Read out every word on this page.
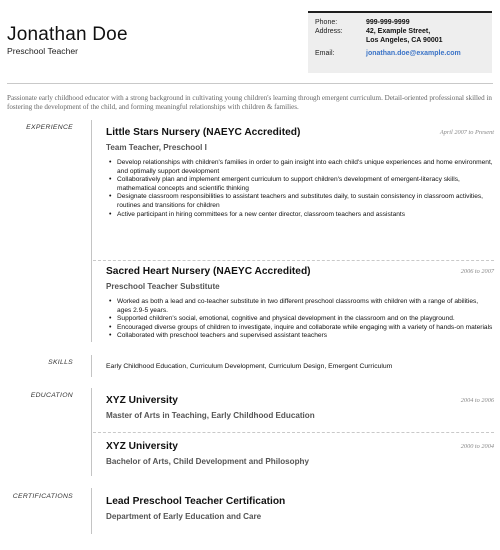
Jonathan Doe
Preschool Teacher
Phone:	999-999-9999
Address:	42, Example Street,
Los Angeles, CA 90001
Email:	jonathan.doe@example.com
Passionate early childhood educator with a strong background in cultivating young children's learning through emergent curriculum. Detail-oriented professional skilled in fostering the development of the child, and forming meaningful relationships with children & families.
EXPERIENCE	Little Stars Nursery (NAEYC Accredited)	April 2007 to Present
Team Teacher, Preschool I
• Develop relationships with children's families in order to gain insight into each child's unique experiences and home environment, and optimally support development
• Collaboratively plan and implement emergent curriculum to support children's development of emergent-literacy skills, mathematical concepts and scientific thinking
• Designate classroom responsibilities to assistant teachers and substitutes daily, to sustain consistency in classroom activities, routines and transitions for children
• Active participant in hiring committees for a new center director, classroom teachers and assistants
Sacred Heart Nursery (NAEYC Accredited)	2006 to 2007
Preschool Teacher Substitute
• Worked as both a lead and co-teacher substitute in two different preschool classrooms with children with a range of abilities, ages 2.9-5 years.
• Supported children's social, emotional, cognitive and physical development in the classroom and on the playground.
• Encouraged diverse groups of children to investigate, inquire and collaborate while engaging with a variety of hands-on materials
• Collaborated with preschool teachers and supervised assistant teachers
SKILLS
Early Childhood Education, Curriculum Development, Curriculum Design, Emergent Curriculum
EDUCATION	XYZ University	2004 to 2006
Master of Arts in Teaching, Early Childhood Education
XYZ University	2000 to 2004
Bachelor of Arts, Child Development and Philosophy
CERTIFICATIONS	Lead Preschool Teacher Certification
Department of Early Education and Care
